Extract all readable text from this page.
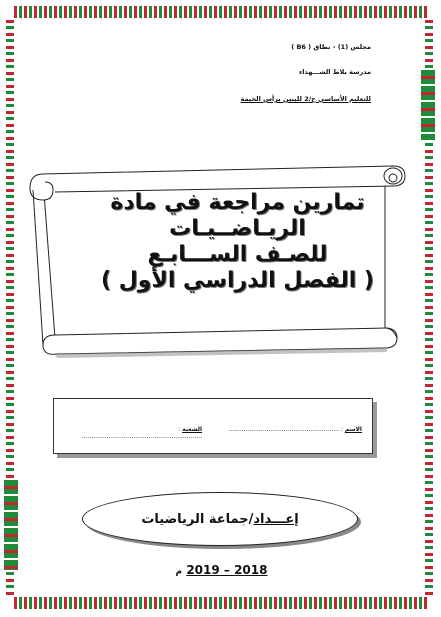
مجلس (1) - نطاق ( B6 )
مدرسة بلاط الشـــهداء
للتعليم الأساسي ح/2 للبنين برأس الخيمة
تمارين مراجعة في مادة
الريـاضــيـات
للصـف الســـابـع
( الفصل الدراسي الأول )
الاسم : ..........................................................
الشعبة : ...............................................................
إعـــداد
/
جماعة الرياضيات
2018 – 2019 م
